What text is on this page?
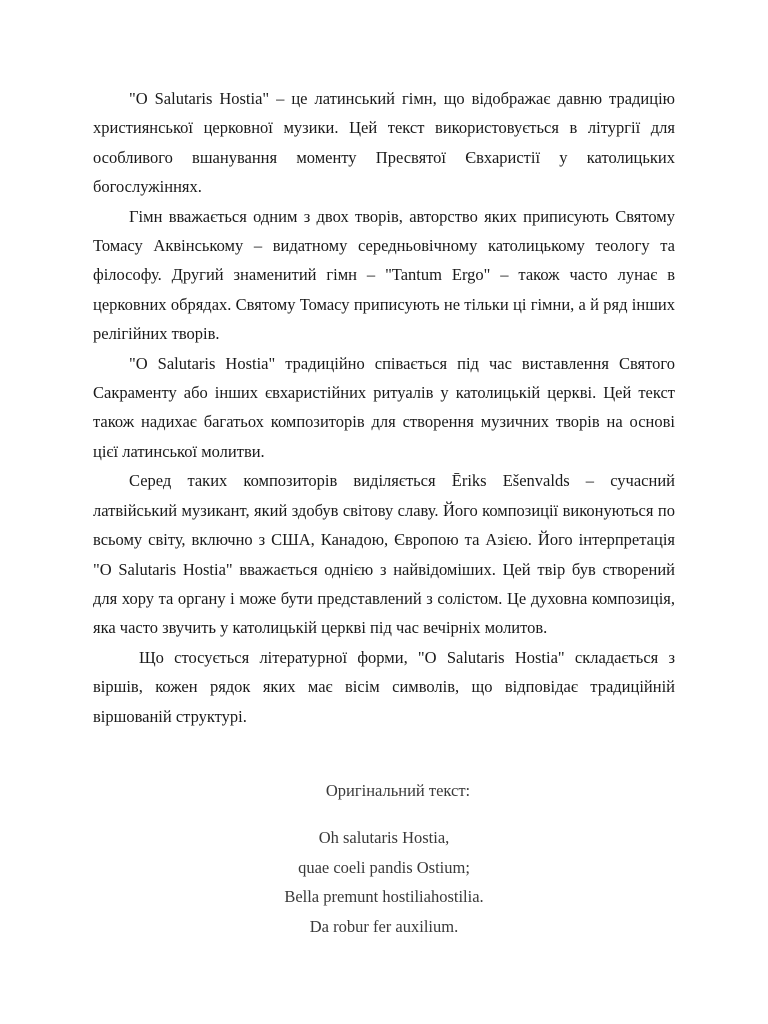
"O Salutaris Hostia" – це латинський гімн, що відображає давню традицію християнської церковної музики. Цей текст використовується в літургії для особливого вшанування моменту Пресвятої Євхаристії у католицьких богослужіннях.

Гімн вважається одним з двох творів, авторство яких приписують Святому Томасу Аквінському – видатному середньовічному католицькому теологу та філософу. Другий знаменитий гімн – "Tantum Ergo" – також часто лунає в церковних обрядах. Святому Томасу приписують не тільки ці гімни, а й ряд інших релігійних творів.

"O Salutaris Hostia" традиційно співається під час виставлення Святого Сакраменту або інших євхаристійних ритуалів у католицькій церкві. Цей текст також надихає багатьох композиторів для створення музичних творів на основі цієї латинської молитви.

Серед таких композиторів виділяється Ēriks Ešenvalds – сучасний латвійський музикант, який здобув світову славу. Його композиції виконуються по всьому світу, включно з США, Канадою, Європою та Азією. Його інтерпретація "O Salutaris Hostia" вважається однією з найвідоміших. Цей твір був створений для хору та органу і може бути представлений з солістом. Це духовна композиція, яка часто звучить у католицькій церкві під час вечірніх молитов.

Що стосується літературної форми, "O Salutaris Hostia" складається з віршів, кожен рядок яких має вісім символів, що відповідає традиційній віршованій структурі.

Оригінальний текст:
Oh salutaris Hostia,
quae coeli pandis Ostium;
Bella premunt hostiliahostilia.
Da robur fer auxilium.
